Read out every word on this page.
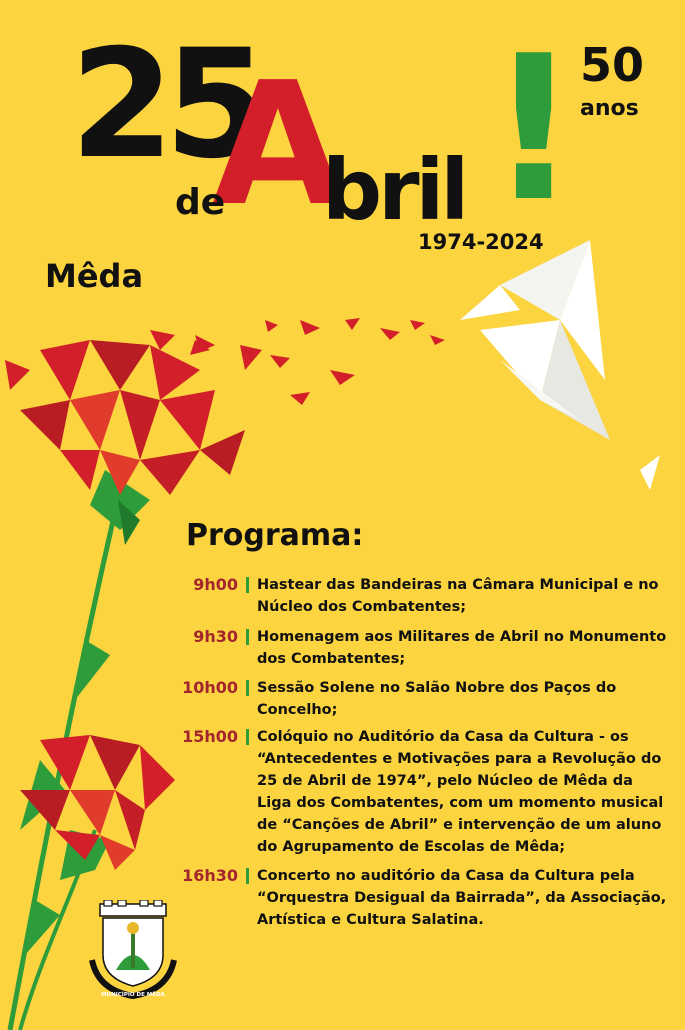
25
A
de bril ! 50
anos
1974-2024
Mêda
Programa:
9h00 Hastear das Bandeiras na Câmara Municipal e no Núcleo dos Combatentes;
9h30 Homenagem aos Militares de Abril no Monumento dos Combatentes;
10h00 Sessão Solene no Salão Nobre dos Paços do Concelho;
15h00 Colóquio no Auditório da Casa da Cultura - os “Antecedentes e Motivações para a Revolução do 25 de Abril de 1974”, pelo Núcleo de Mêda da Liga dos Combatentes, com um momento musical de “Canções de Abril” e intervenção de um aluno do Agrupamento de Escolas de Mêda;
16h30 Concerto no auditório da Casa da Cultura pela “Orquestra Desigual da Bairrada”, da Associação, Artística e Cultura Salatina.
MUNICÍPIO DE MÊDA
